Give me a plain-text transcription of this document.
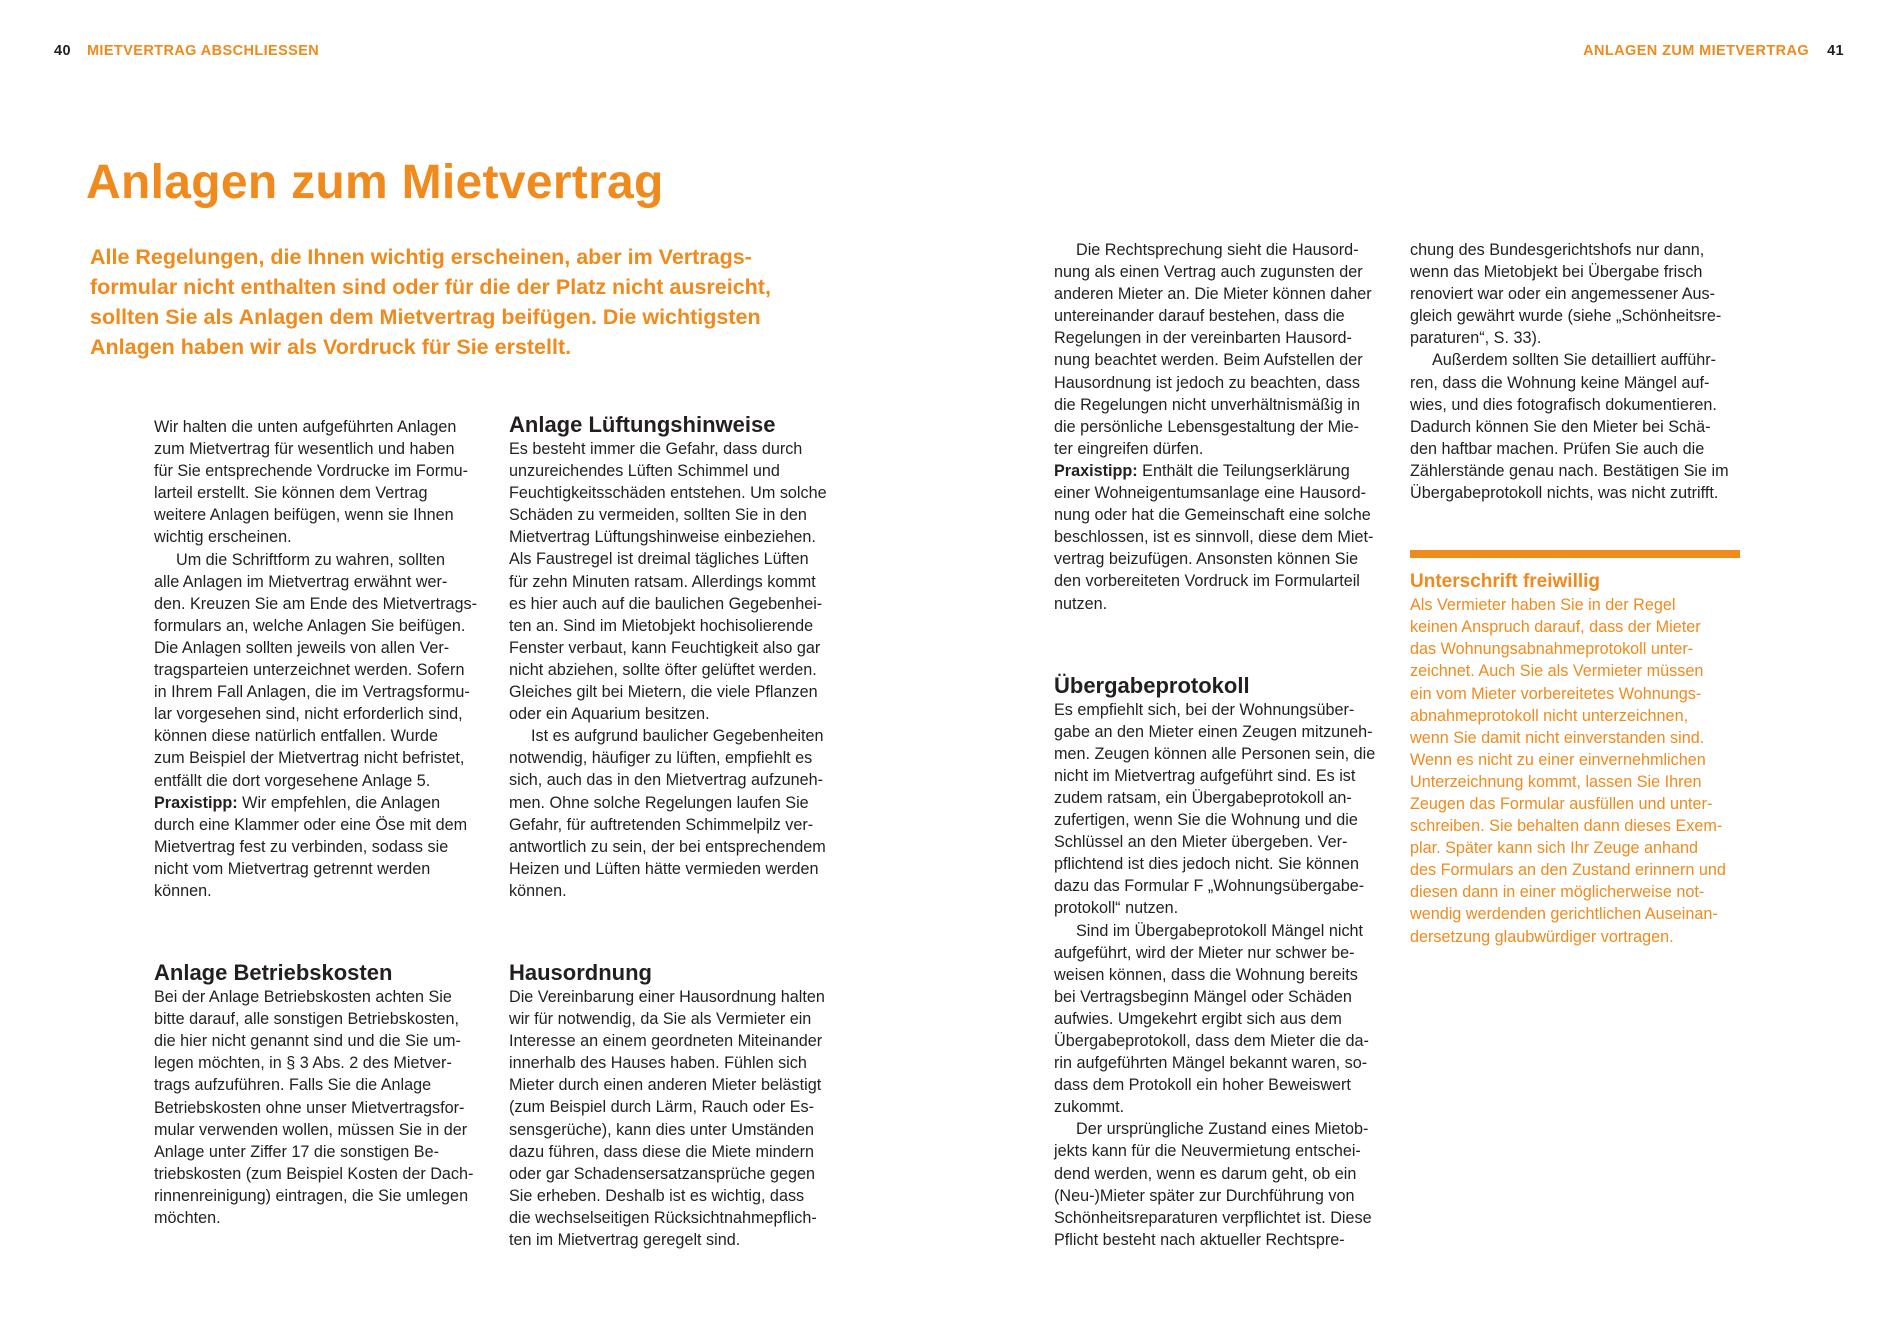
40 MIETVERTRAG ABSCHLIESSEN	ANLAGEN ZUM MIETVERTRAG 41
Anlagen zum Mietvertrag

Alle Regelungen, die Ihnen wichtig erscheinen, aber im Vertrags-

formular nicht enthalten sind oder für die der Platz nicht ausreicht,

sollten Sie als Anlagen dem Mietvertrag beifügen. Die wichtigsten

Anlagen haben wir als Vordruck für Sie erstellt.

Wir halten die unten aufgeführten Anlagen

zum Mietvertrag für wesentlich und haben

für Sie entsprechende Vordrucke im Formu-

larteil erstellt. Sie können dem Vertrag

weitere Anlagen beifügen, wenn sie Ihnen

wichtig erscheinen.

Um die Schriftform zu wahren, sollten

alle Anlagen im Mietvertrag erwähnt wer-

den. Kreuzen Sie am Ende des Mietvertrags-

formulars an, welche Anlagen Sie beifügen.

Die Anlagen sollten jeweils von allen Ver-

tragsparteien unterzeichnet werden. Sofern

in Ihrem Fall Anlagen, die im Vertragsformu-

lar vorgesehen sind, nicht erforderlich sind,

können diese natürlich entfallen. Wurde

zum Beispiel der Mietvertrag nicht befristet,

entfällt die dort vorgesehene Anlage 5.

Praxistipp: Wir empfehlen, die Anlagen

durch eine Klammer oder eine Öse mit dem

Mietvertrag fest zu verbinden, sodass sie

nicht vom Mietvertrag getrennt werden

können.

Anlage Betriebskosten

Bei der Anlage Betriebskosten achten Sie

bitte darauf, alle sonstigen Betriebskosten,

die hier nicht genannt sind und die Sie um-

legen möchten, in § 3 Abs. 2 des Mietver-

trags aufzuführen. Falls Sie die Anlage

Betriebskosten ohne unser Mietvertragsfor-

mular verwenden wollen, müssen Sie in der

Anlage unter Ziffer 17 die sonstigen Be-

triebskosten (zum Beispiel Kosten der Dach-

rinnenreinigung) eintragen, die Sie umlegen

möchten.

Anlage Lüftungshinweise

Es besteht immer die Gefahr, dass durch

unzureichendes Lüften Schimmel und

Feuchtigkeitsschäden entstehen. Um solche

Schäden zu vermeiden, sollten Sie in den

Mietvertrag Lüftungshinweise einbeziehen.

Als Faustregel ist dreimal tägliches Lüften

für zehn Minuten ratsam. Allerdings kommt

es hier auch auf die baulichen Gegebenhei-

ten an. Sind im Mietobjekt hochisolierende

Fenster verbaut, kann Feuchtigkeit also gar

nicht abziehen, sollte öfter gelüftet werden.

Gleiches gilt bei Mietern, die viele Pflanzen

oder ein Aquarium besitzen.

Ist es aufgrund baulicher Gegebenheiten

notwendig, häufiger zu lüften, empfiehlt es

sich, auch das in den Mietvertrag aufzuneh-

men. Ohne solche Regelungen laufen Sie

Gefahr, für auftretenden Schimmelpilz ver-

antwortlich zu sein, der bei entsprechendem

Heizen und Lüften hätte vermieden werden

können.

Hausordnung

Die Vereinbarung einer Hausordnung halten

wir für notwendig, da Sie als Vermieter ein

Interesse an einem geordneten Miteinander

innerhalb des Hauses haben. Fühlen sich

Mieter durch einen anderen Mieter belästigt

(zum Beispiel durch Lärm, Rauch oder Es-

sensgerüche), kann dies unter Umständen

dazu führen, dass diese die Miete mindern

oder gar Schadensersatzansprüche gegen

Sie erheben. Deshalb ist es wichtig, dass

die wechselseitigen Rücksichtnahmepflich-

ten im Mietvertrag geregelt sind.

Die Rechtsprechung sieht die Hausord-

nung als einen Vertrag auch zugunsten der

anderen Mieter an. Die Mieter können daher

untereinander darauf bestehen, dass die

Regelungen in der vereinbarten Hausord-

nung beachtet werden. Beim Aufstellen der

Hausordnung ist jedoch zu beachten, dass

die Regelungen nicht unverhältnismäßig in

die persönliche Lebensgestaltung der Mie-

ter eingreifen dürfen.

Praxistipp: Enthält die Teilungserklärung

einer Wohneigentumsanlage eine Hausord-

nung oder hat die Gemeinschaft eine solche

beschlossen, ist es sinnvoll, diese dem Miet-

vertrag beizufügen. Ansonsten können Sie

den vorbereiteten Vordruck im Formularteil

nutzen.

Übergabeprotokoll

Es empfiehlt sich, bei der Wohnungsüber-

gabe an den Mieter einen Zeugen mitzuneh-

men. Zeugen können alle Personen sein, die

nicht im Mietvertrag aufgeführt sind. Es ist

zudem ratsam, ein Übergabeprotokoll an-

zufertigen, wenn Sie die Wohnung und die

Schlüssel an den Mieter übergeben. Ver-

pflichtend ist dies jedoch nicht. Sie können

dazu das Formular F „Wohnungsübergabe-

protokoll“ nutzen.

Sind im Übergabeprotokoll Mängel nicht

aufgeführt, wird der Mieter nur schwer be-

weisen können, dass die Wohnung bereits

bei Vertragsbeginn Mängel oder Schäden

aufwies. Umgekehrt ergibt sich aus dem

Übergabeprotokoll, dass dem Mieter die da-

rin aufgeführten Mängel bekannt waren, so-

dass dem Protokoll ein hoher Beweiswert

zukommt.

Der ursprüngliche Zustand eines Mietob-

jekts kann für die Neuvermietung entschei-

dend werden, wenn es darum geht, ob ein

(Neu-)Mieter später zur Durchführung von

Schönheitsreparaturen verpflichtet ist. Diese

Pflicht besteht nach aktueller Rechtspre-

chung des Bundesgerichtshofs nur dann,

wenn das Mietobjekt bei Übergabe frisch

renoviert war oder ein angemessener Aus-

gleich gewährt wurde (siehe „Schönheitsre-

paraturen“, S. 33).

Außerdem sollten Sie detailliert aufführ-

ren, dass die Wohnung keine Mängel auf-

wies, und dies fotografisch dokumentieren.

Dadurch können Sie den Mieter bei Schä-

den haftbar machen. Prüfen Sie auch die

Zählerstände genau nach. Bestätigen Sie im

Übergabeprotokoll nichts, was nicht zutrifft.

Unterschrift freiwillig

Als Vermieter haben Sie in der Regel

keinen Anspruch darauf, dass der Mieter

das Wohnungsabnahmeprotokoll unter-

zeichnet. Auch Sie als Vermieter müssen

ein vom Mieter vorbereitetes Wohnungs-

abnahmeprotokoll nicht unterzeichnen,

wenn Sie damit nicht einverstanden sind.

Wenn es nicht zu einer einvernehmlichen

Unterzeichnung kommt, lassen Sie Ihren

Zeugen das Formular ausfüllen und unter-

schreiben. Sie behalten dann dieses Exem-

plar. Später kann sich Ihr Zeuge anhand

des Formulars an den Zustand erinnern und

diesen dann in einer möglicherweise not-

wendig werdenden gerichtlichen Auseinan-

dersetzung glaubwürdiger vortragen.
